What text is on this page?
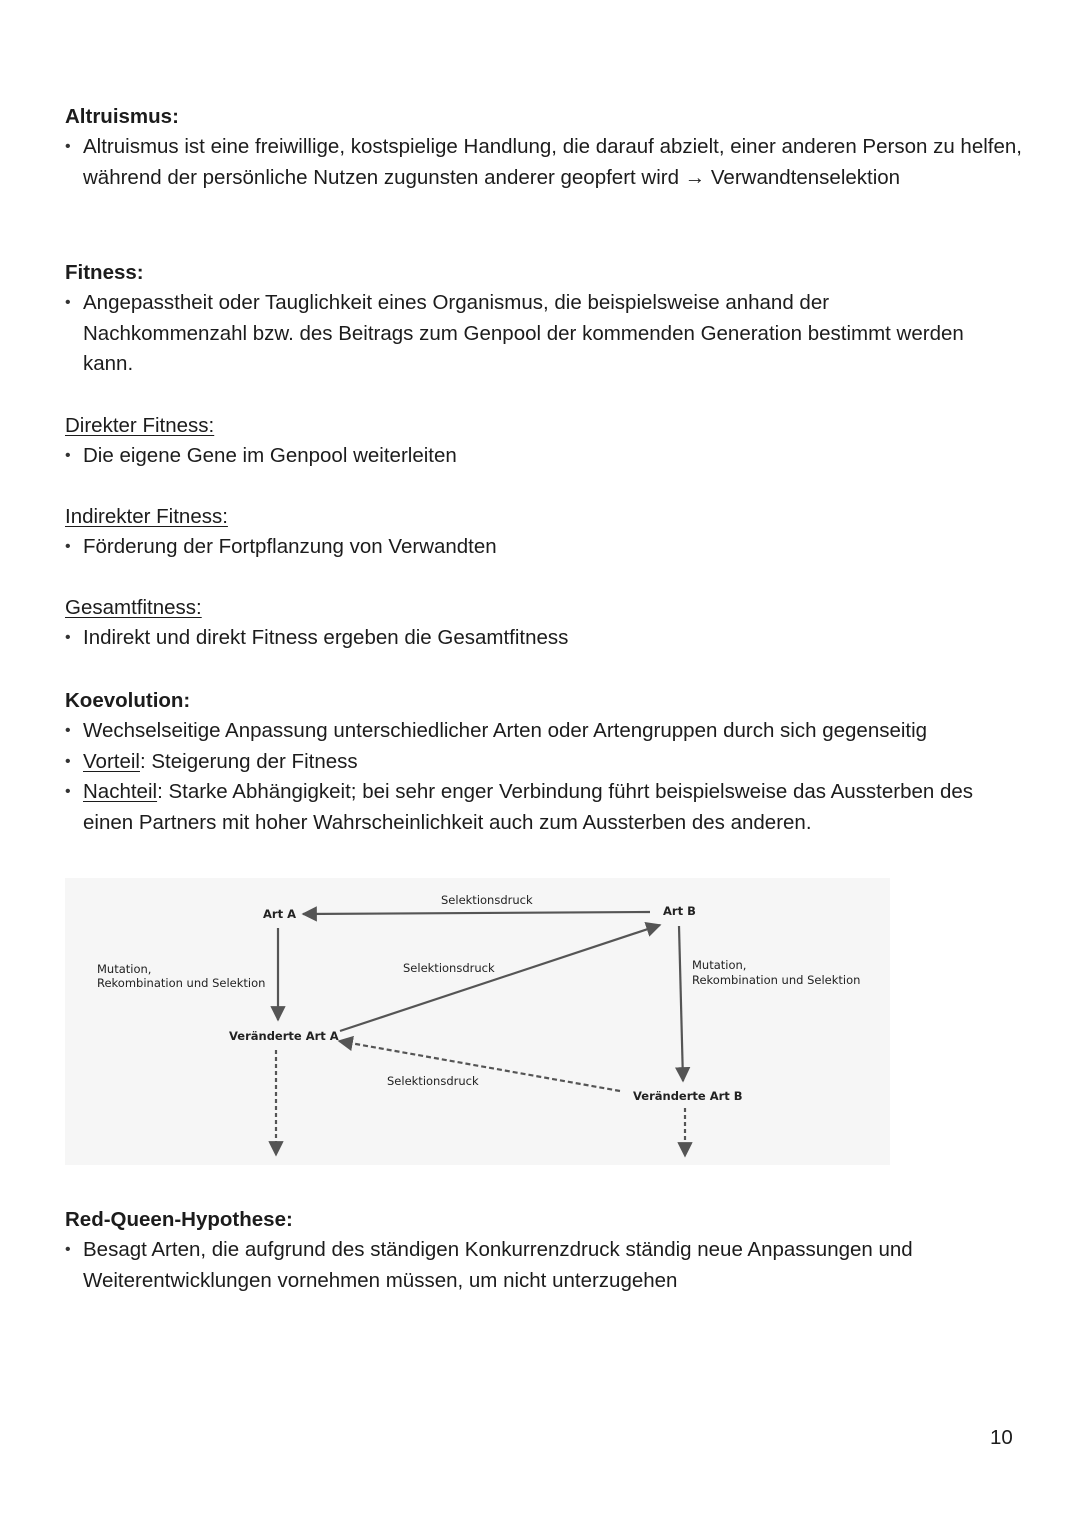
Altruismus:

• Altruismus ist eine freiwillige, kostspielige Handlung, die darauf abzielt, einer anderen Person zu helfen, während der persönliche Nutzen zugunsten anderer geopfert wird → Verwandtenselektion

Fitness:

• Angepasstheit oder Tauglichkeit eines Organismus, die beispielsweise anhand der Nachkommenzahl bzw. des Beitrags zum Genpool der kommenden Generation bestimmt werden kann.

Direkter Fitness:

• Die eigene Gene im Genpool weiterleiten

Indirekter Fitness:

• Förderung der Fortpflanzung von Verwandten

Gesamtfitness:

• Indirekt und direkt Fitness ergeben die Gesamtfitness

Koevolution:

• Wechselseitige Anpassung unterschiedlicher Arten oder Artengruppen durch sich gegenseitig
• Vorteil: Steigerung der Fitness
• Nachteil: Starke Abhängigkeit; bei sehr enger Verbindung führt beispielsweise das Aussterben des einen Partners mit hoher Wahrscheinlichkeit auch zum Aussterben des anderen.
Art A	Art B
Veränderte Art A
Veränderte Art B
Selektionsdruck
Selektionsdruck
Selektionsdruck
Mutation,
Rekombination und Selektion
Mutation,
Rekombination und Selektion

Red-Queen-Hypothese:

• Besagt Arten, die aufgrund des ständigen Konkurrenzdruck ständig neue Anpassungen und Weiterentwicklungen vornehmen müssen, um nicht unterzugehen
10
